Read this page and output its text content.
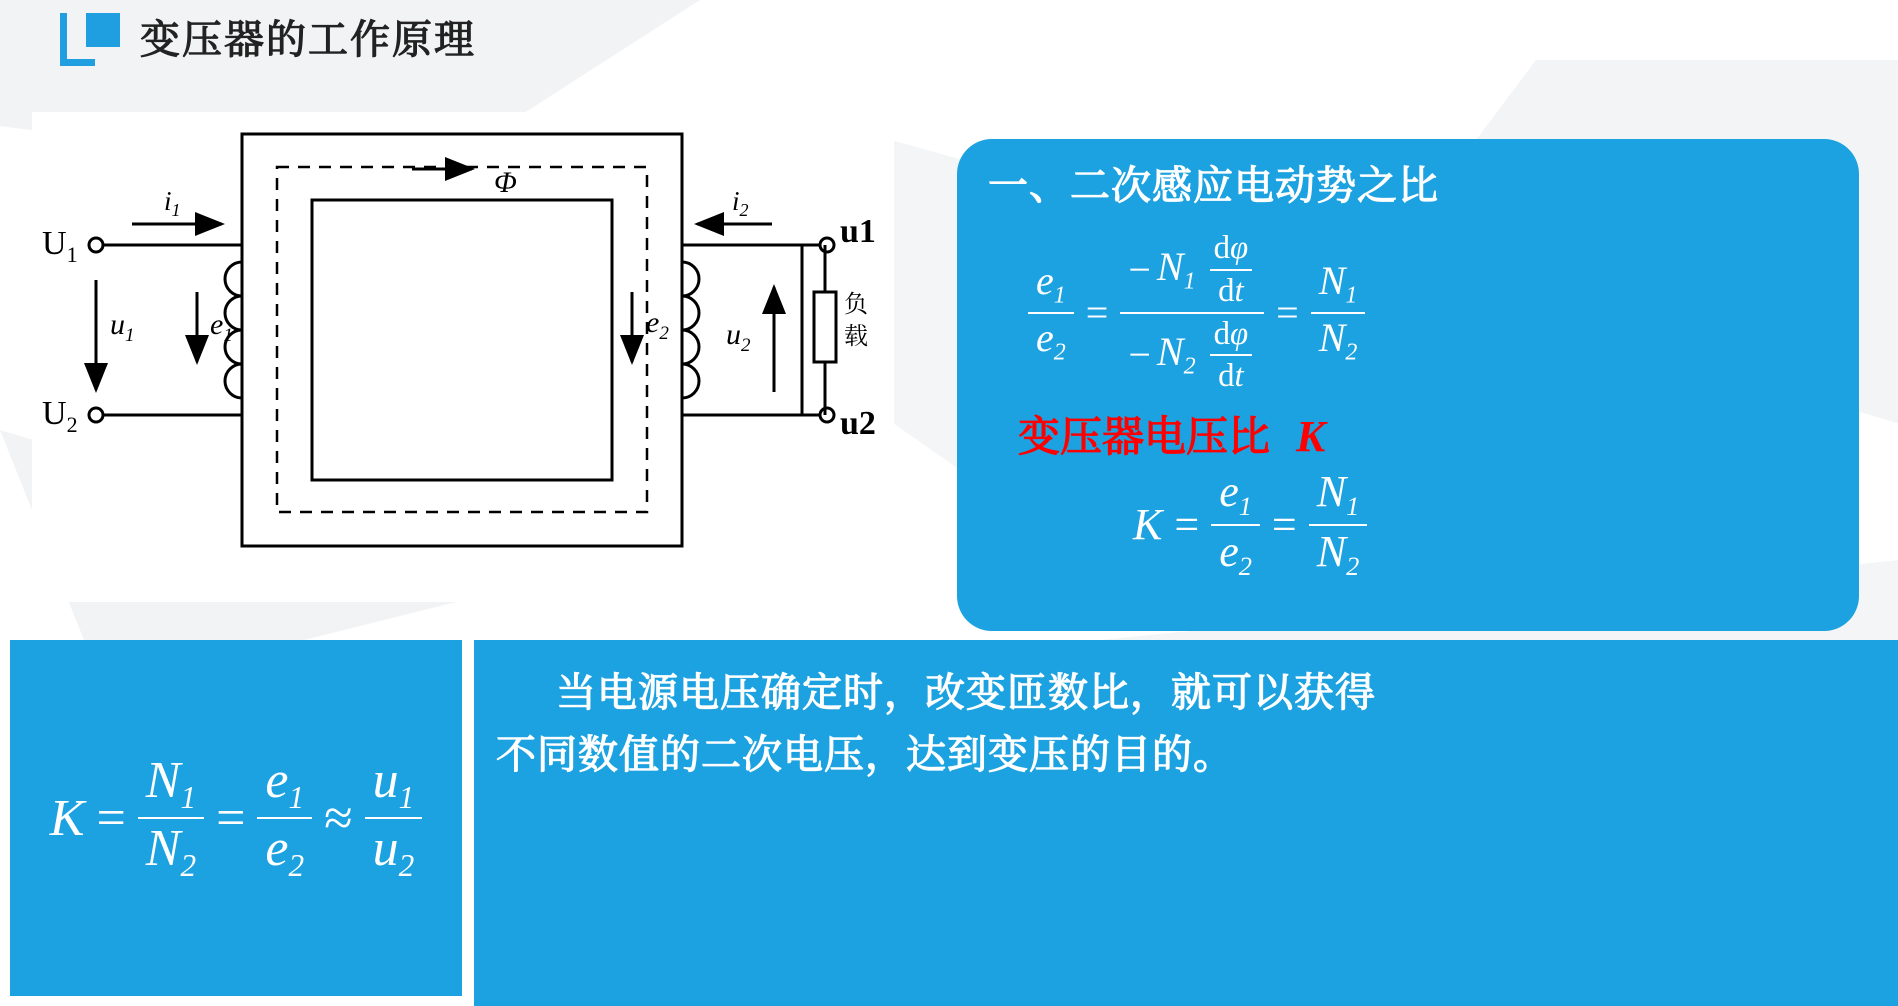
变压器的工作原理
$U_1$
$U_2$
$i_1$	$i_2$
Φ
$u_1$	$e_1$	$e_2$ $u_2$
u1
u2
负
载
一、二次感应电动势之比
$\frac{e_1}{e_2} = \frac{- N_1 \frac{d\varphi}{dt}}{- N_2 \frac{d\varphi}{dt}} = \frac{N_1}{N_2}$
变压器电压比 K
$K = \frac{e_1}{e_2} = \frac{N_1}{N_2}$
$K = \frac{N_1}{N_2} = \frac{e_1}{e_2} \approx \frac{u_1}{u_2}$

当电源电压确定时，改变匝数比，就可以获得

不同数值的二次电压，达到变压的目的。
